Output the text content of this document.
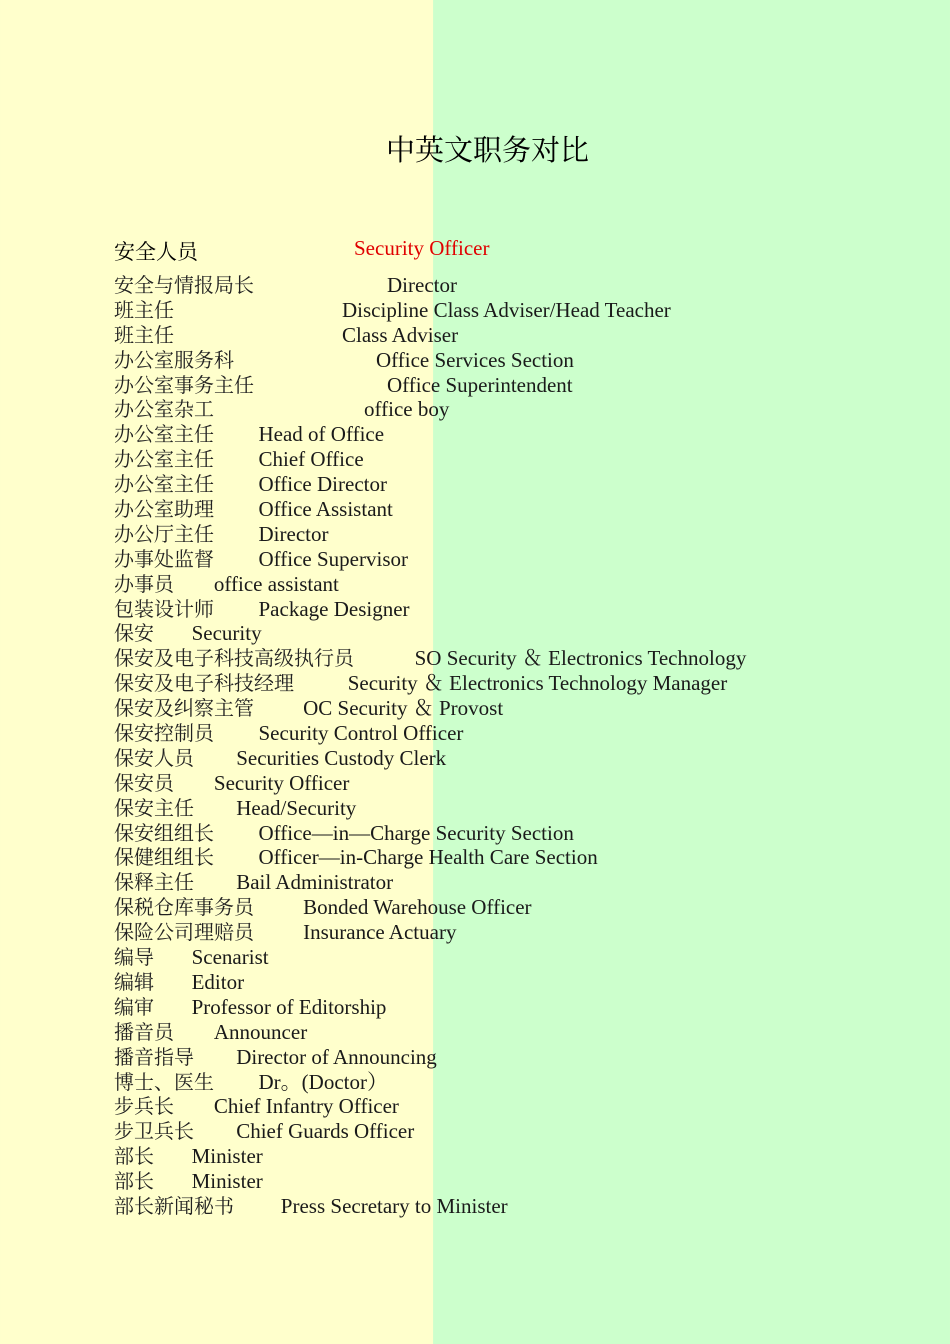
中英文职务对比
安全人员	Security Officer
安全与情报局长	Director
班主任	Discipline Class Adviser/Head Teacher
班主任	Class Adviser
办公室服务科	Office Services Section
办公室事务主任	Office Superintendent
办公室杂工	office boy
办公室主任 Head of Office
办公室主任 Chief Office
办公室主任 Office Director
办公室助理 Office Assistant
办公厅主任 Director
办事处监督 Office Supervisor
办事员 office assistant
包装设计师 Package Designer
保安 Security
保安及电子科技高级执行员	SO Security ＆ Electronics Technology
保安及电子科技经理	Security ＆ Electronics Technology Manager
保安及纠察主管 OC Security ＆ Provost
保安控制员 Security Control Officer
保安人员 Securities Custody Clerk
保安员 Security Officer
保安主任 Head/Security
保安组组长 Office—in—Charge Security Section
保健组组长 Officer—in-Charge Health Care Section
保释主任 Bail Administrator
保税仓库事务员 Bonded Warehouse Officer
保险公司理赔员 Insurance Actuary
编导 Scenarist
编辑 Editor
编审 Professor of Editorship
播音员 Announcer
播音指导 Director of Announcing
博士、医生 Dr。(Doctor）
步兵长 Chief Infantry Officer
步卫兵长 Chief Guards Officer
部长 Minister
部长 Minister
部长新闻秘书 Press Secretary to Minister
